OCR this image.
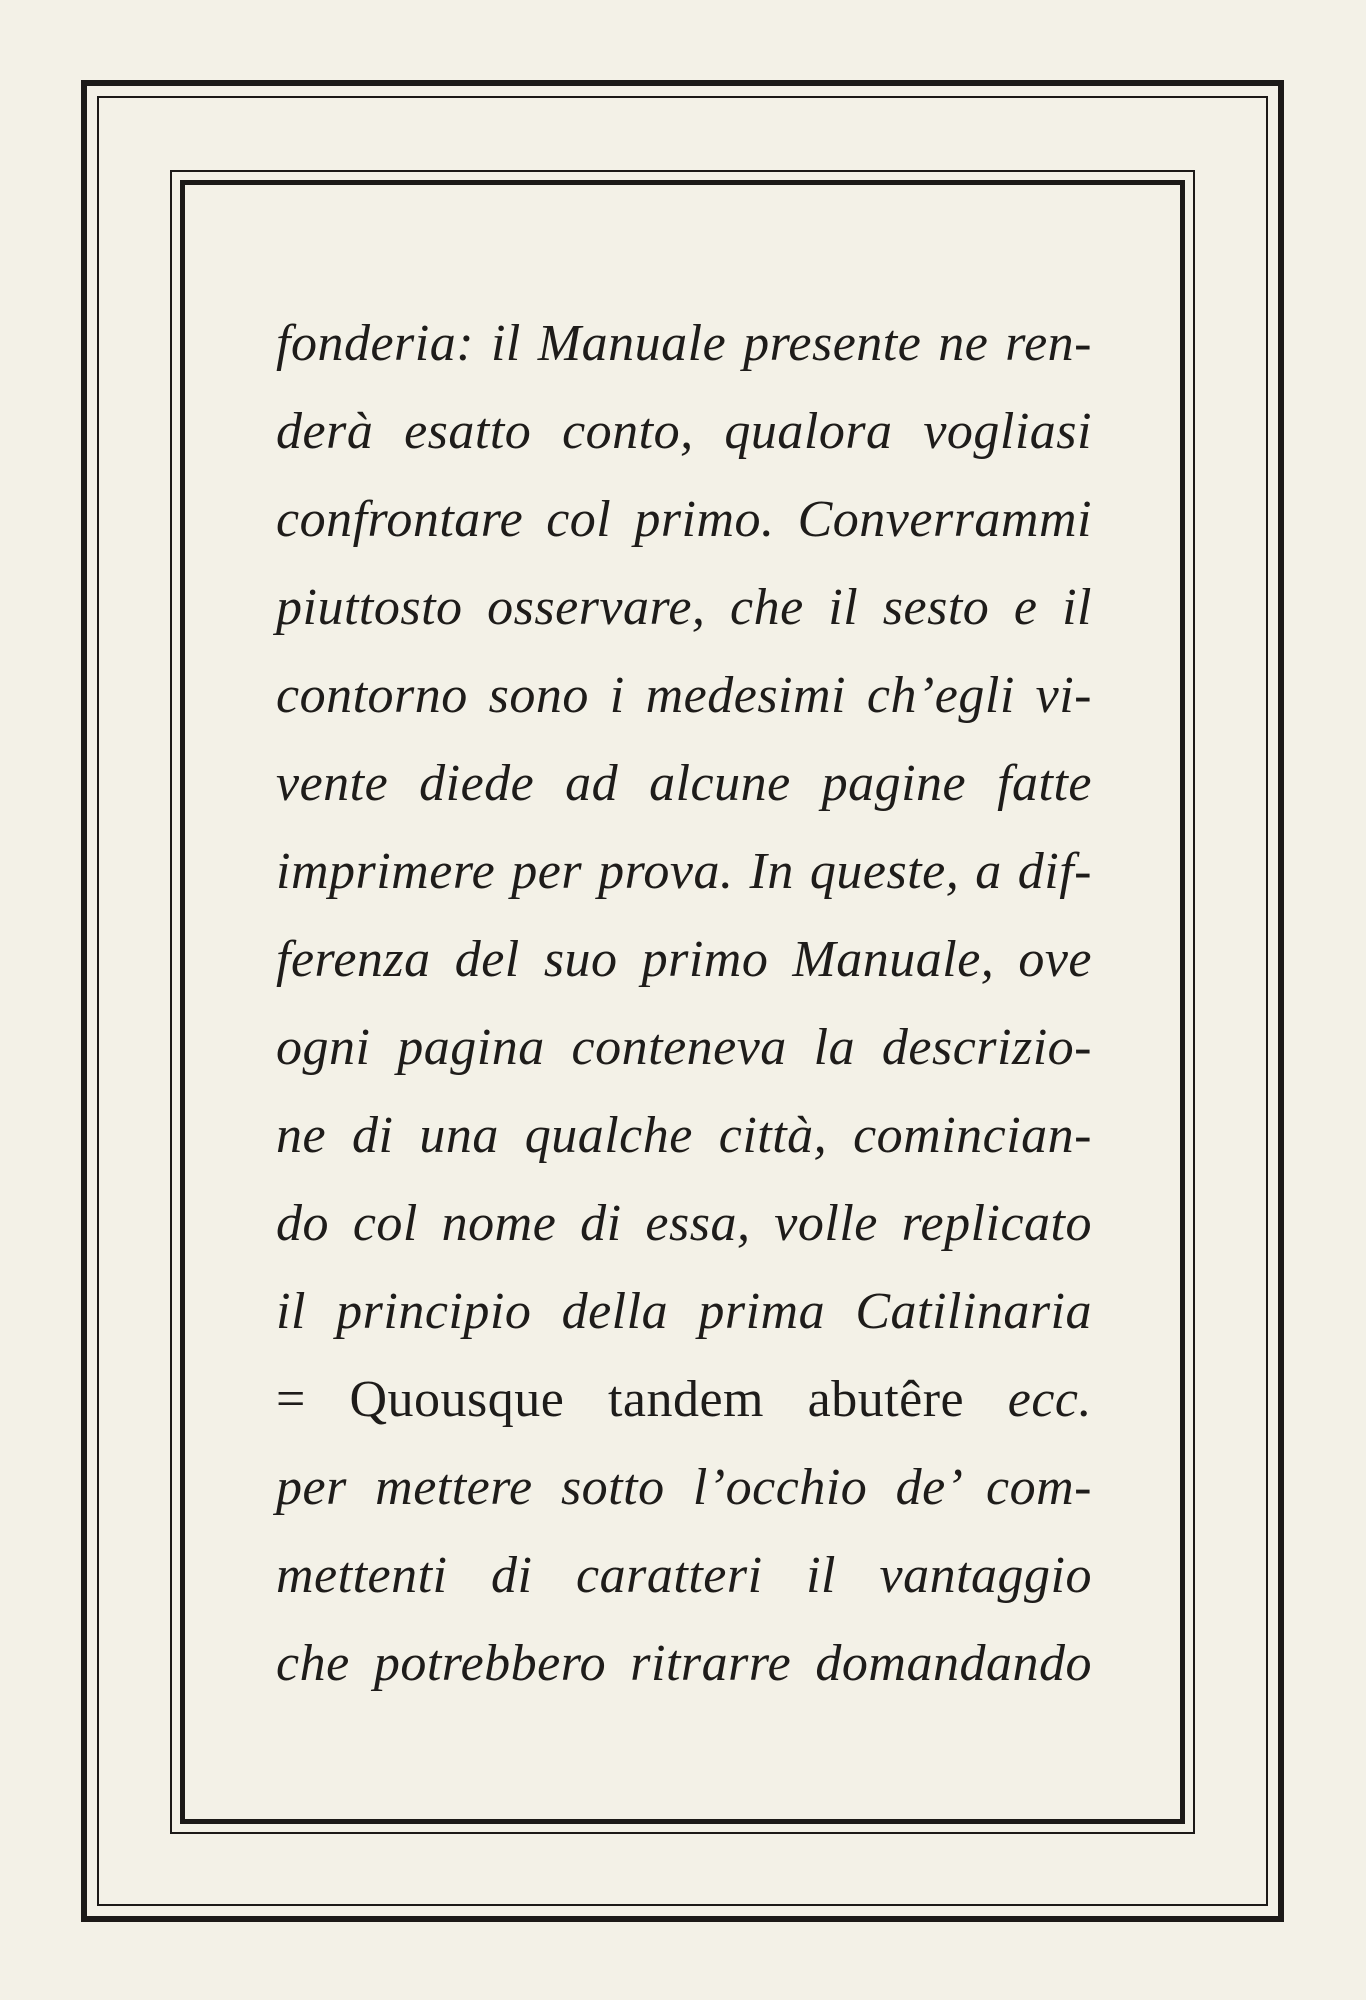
fonderia: il Manuale presente ne ren-
derà esatto conto, qualora vogliasi
confrontare col primo. Converrammi
piuttosto osservare, che il sesto e il
contorno sono i medesimi ch’egli vi-
vente diede ad alcune pagine fatte
imprimere per prova. In queste, a dif-
ferenza del suo primo Manuale, ove
ogni pagina conteneva la descrizio-
ne di una qualche città, comincian-
do col nome di essa, volle replicato
il principio della prima Catilinaria
= Quousque tandem abutêre ecc.
per mettere sotto l’occhio de’ com-
mettenti di caratteri il vantaggio
che potrebbero ritrarre domandando
